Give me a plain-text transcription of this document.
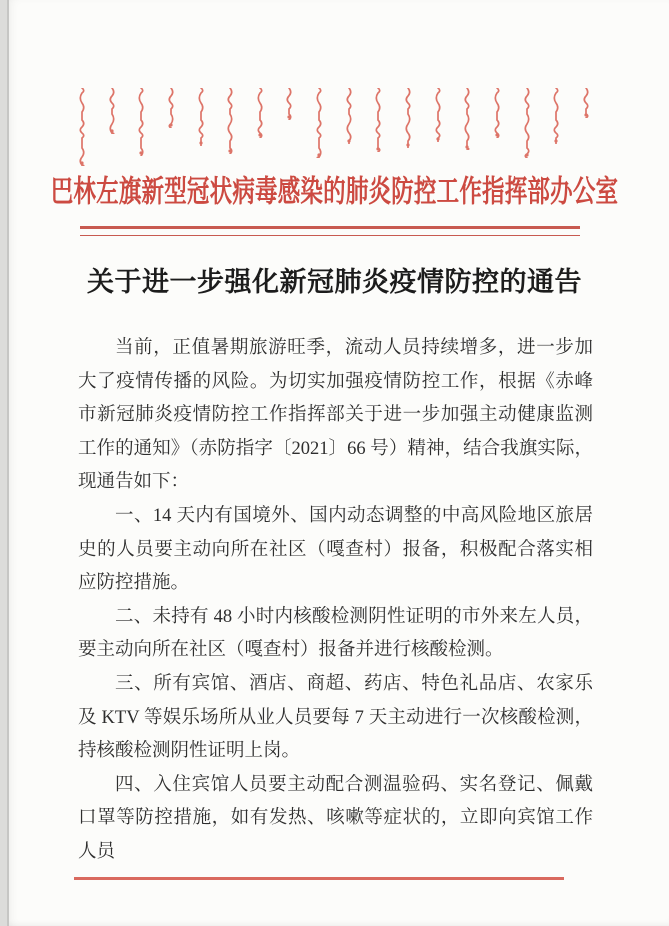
巴林左旗新型冠状病毒感染的肺炎防控工作指挥部办公室
关于进一步强化新冠肺炎疫情防控的通告

当前，正值暑期旅游旺季，流动人员持续增多，进一步加大了疫情传播的风险。为切实加强疫情防控工作，根据《赤峰市新冠肺炎疫情防控工作指挥部关于进一步加强主动健康监测工作的通知》（赤防指字〔2021〕66 号）精神，结合我旗实际，现通告如下：

一、14 天内有国境外、国内动态调整的中高风险地区旅居史的人员要主动向所在社区（嘎查村）报备，积极配合落实相应防控措施。

二、未持有 48 小时内核酸检测阴性证明的市外来左人员，要主动向所在社区（嘎查村）报备并进行核酸检测。

三、所有宾馆、酒店、商超、药店、特色礼品店、农家乐及 KTV 等娱乐场所从业人员要每 7 天主动进行一次核酸检测，持核酸检测阴性证明上岗。

四、入住宾馆人员要主动配合测温验码、实名登记、佩戴口罩等防控措施，如有发热、咳嗽等症状的，立即向宾馆工作人员
